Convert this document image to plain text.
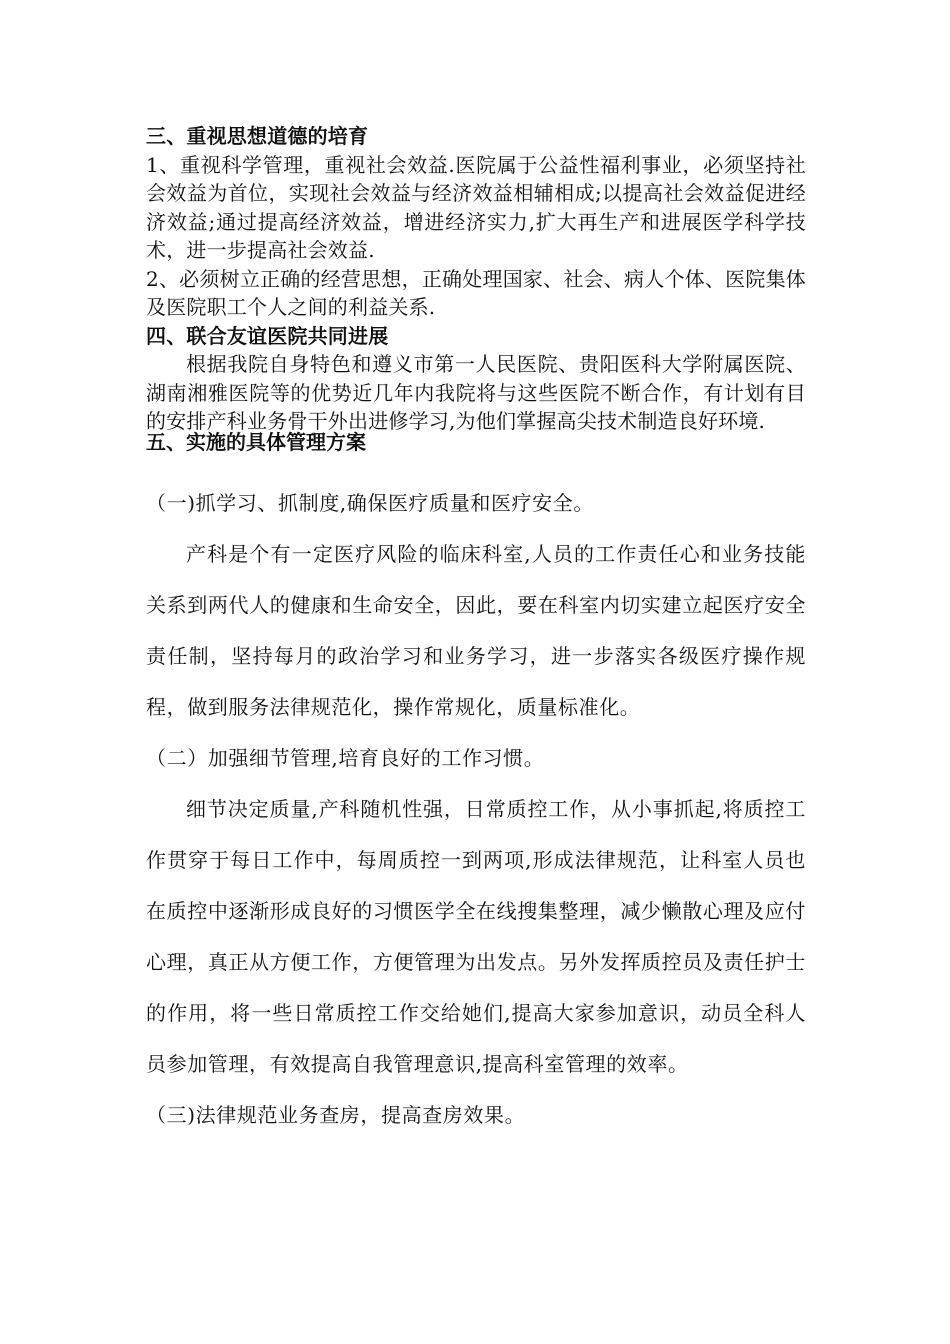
三、重视思想道德的培育

1、重视科学管理，重视社会效益.医院属于公益性福利事业，必须坚持社会效益为首位，实现社会效益与经济效益相辅相成;以提高社会效益促进经济效益;通过提高经济效益，增进经济实力,扩大再生产和进展医学科学技术，进一步提高社会效益.

2、必须树立正确的经营思想，正确处理国家、社会、病人个体、医院集体及医院职工个人之间的利益关系.

四、联合友谊医院共同进展

根据我院自身特色和遵义市第一人民医院、贵阳医科大学附属医院、湖南湘雅医院等的优势近几年内我院将与这些医院不断合作，有计划有目的安排产科业务骨干外出进修学习,为他们掌握高尖技术制造良好环境.

五、实施的具体管理方案

（一)抓学习、抓制度,确保医疗质量和医疗安全。

产科是个有一定医疗风险的临床科室,人员的工作责任心和业务技能关系到两代人的健康和生命安全，因此，要在科室内切实建立起医疗安全责任制，坚持每月的政治学习和业务学习，进一步落实各级医疗操作规程，做到服务法律规范化，操作常规化，质量标准化。

（二）加强细节管理,培育良好的工作习惯。

细节决定质量,产科随机性强，日常质控工作，从小事抓起,将质控工作贯穿于每日工作中，每周质控一到两项,形成法律规范，让科室人员也在质控中逐渐形成良好的习惯医学全在线搜集整理，减少懒散心理及应付心理，真正从方便工作，方便管理为出发点。另外发挥质控员及责任护士的作用，将一些日常质控工作交给她们,提高大家参加意识，动员全科人员参加管理，有效提高自我管理意识,提高科室管理的效率。

（三)法律规范业务查房，提高查房效果。
